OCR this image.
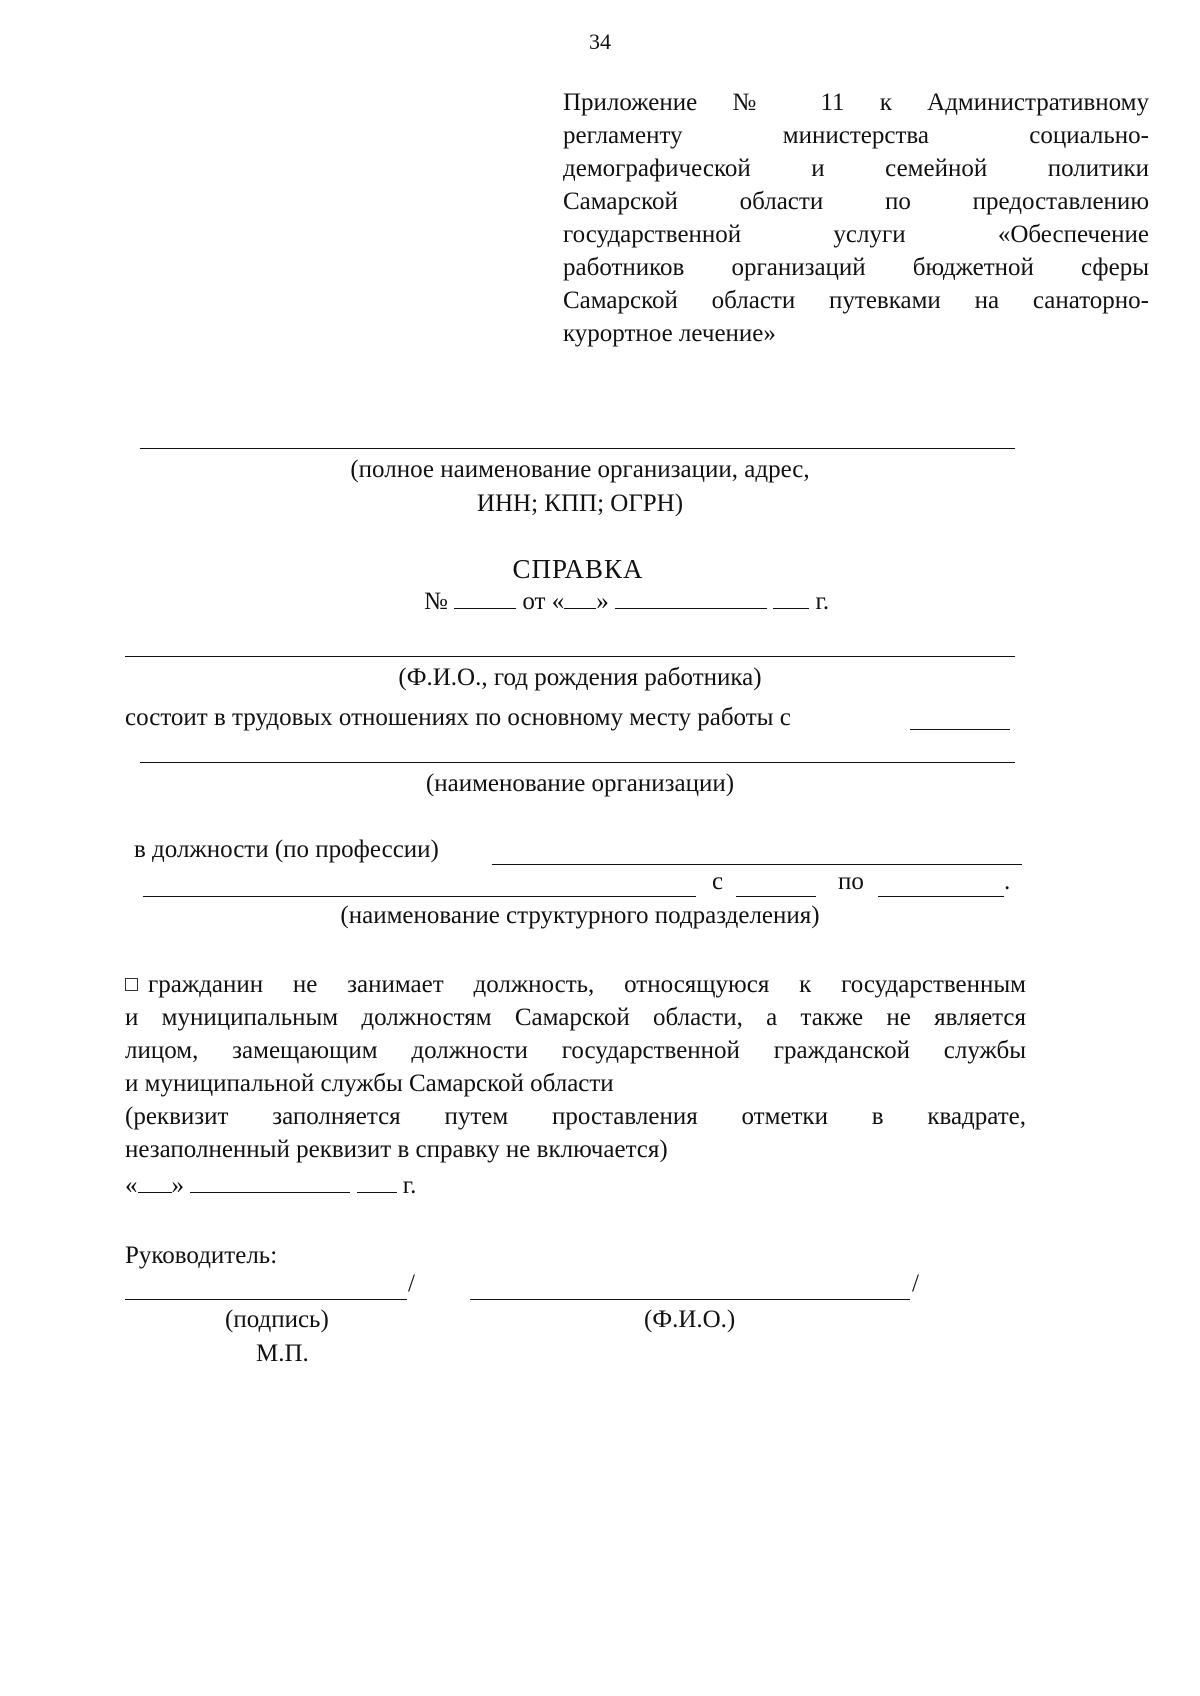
34
Приложение № 11 к Административному
регламенту министерства социально-
демографической и семейной политики
Самарской области по предоставлению
государственной услуги «Обеспечение
работников организаций бюджетной сферы
Самарской области путевками на санаторно-
курортное лечение»
(полное наименование организации, адрес,
ИНН; КПП; ОГРН)
СПРАВКА
№	от « »	г.
(Ф.И.О., год рождения работника)
состоит в трудовых отношениях по основному месту работы с
(наименование организации)
в должности (по профессии)
с	по	.
(наименование структурного подразделения)
гражданин не занимает должность, относящуюся к государственным
и муниципальным должностям Самарской области, а также не является
лицом, замещающим должности государственной гражданской службы
и муниципальной службы Самарской области
(реквизит заполняется путем проставления отметки в квадрате,
незаполненный реквизит в справку не включается)
« »	г.
Руководитель:
/	/
(подпись)	(Ф.И.О.)
М.П.
